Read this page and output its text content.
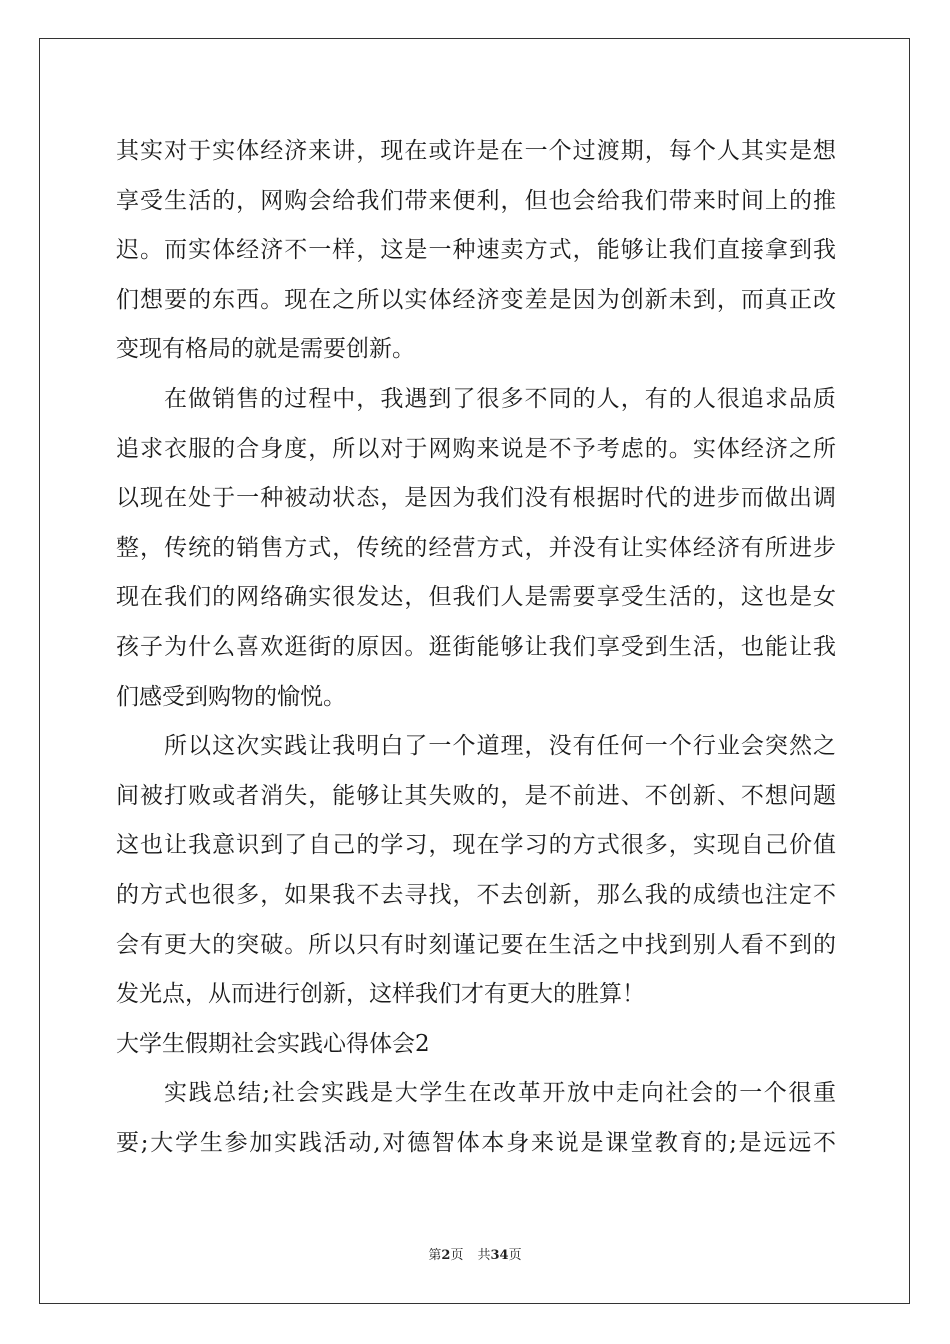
其实对于实体经济来讲，现在或许是在一个过渡期，每个人其实是想
享受生活的，网购会给我们带来便利，但也会给我们带来时间上的推
迟。而实体经济不一样，这是一种速卖方式，能够让我们直接拿到我
们想要的东西。现在之所以实体经济变差是因为创新未到，而真正改
变现有格局的就是需要创新。
在做销售的过程中，我遇到了很多不同的人，有的人很追求品质
追求衣服的合身度，所以对于网购来说是不予考虑的。实体经济之所
以现在处于一种被动状态，是因为我们没有根据时代的进步而做出调
整，传统的销售方式，传统的经营方式，并没有让实体经济有所进步
现在我们的网络确实很发达，但我们人是需要享受生活的，这也是女
孩子为什么喜欢逛街的原因。逛街能够让我们享受到生活，也能让我
们感受到购物的愉悦。
所以这次实践让我明白了一个道理，没有任何一个行业会突然之
间被打败或者消失，能够让其失败的，是不前进、不创新、不想问题
这也让我意识到了自己的学习，现在学习的方式很多，实现自己价值
的方式也很多，如果我不去寻找，不去创新，那么我的成绩也注定不
会有更大的突破。所以只有时刻谨记要在生活之中找到别人看不到的
发光点，从而进行创新，这样我们才有更大的胜算！
大学生假期社会实践心得体会2
实践总结;社会实践是大学生在改革开放中走向社会的一个很重
要;大学生参加实践活动,对德智体本身来说是课堂教育的;是远远不
第2页 共34页
